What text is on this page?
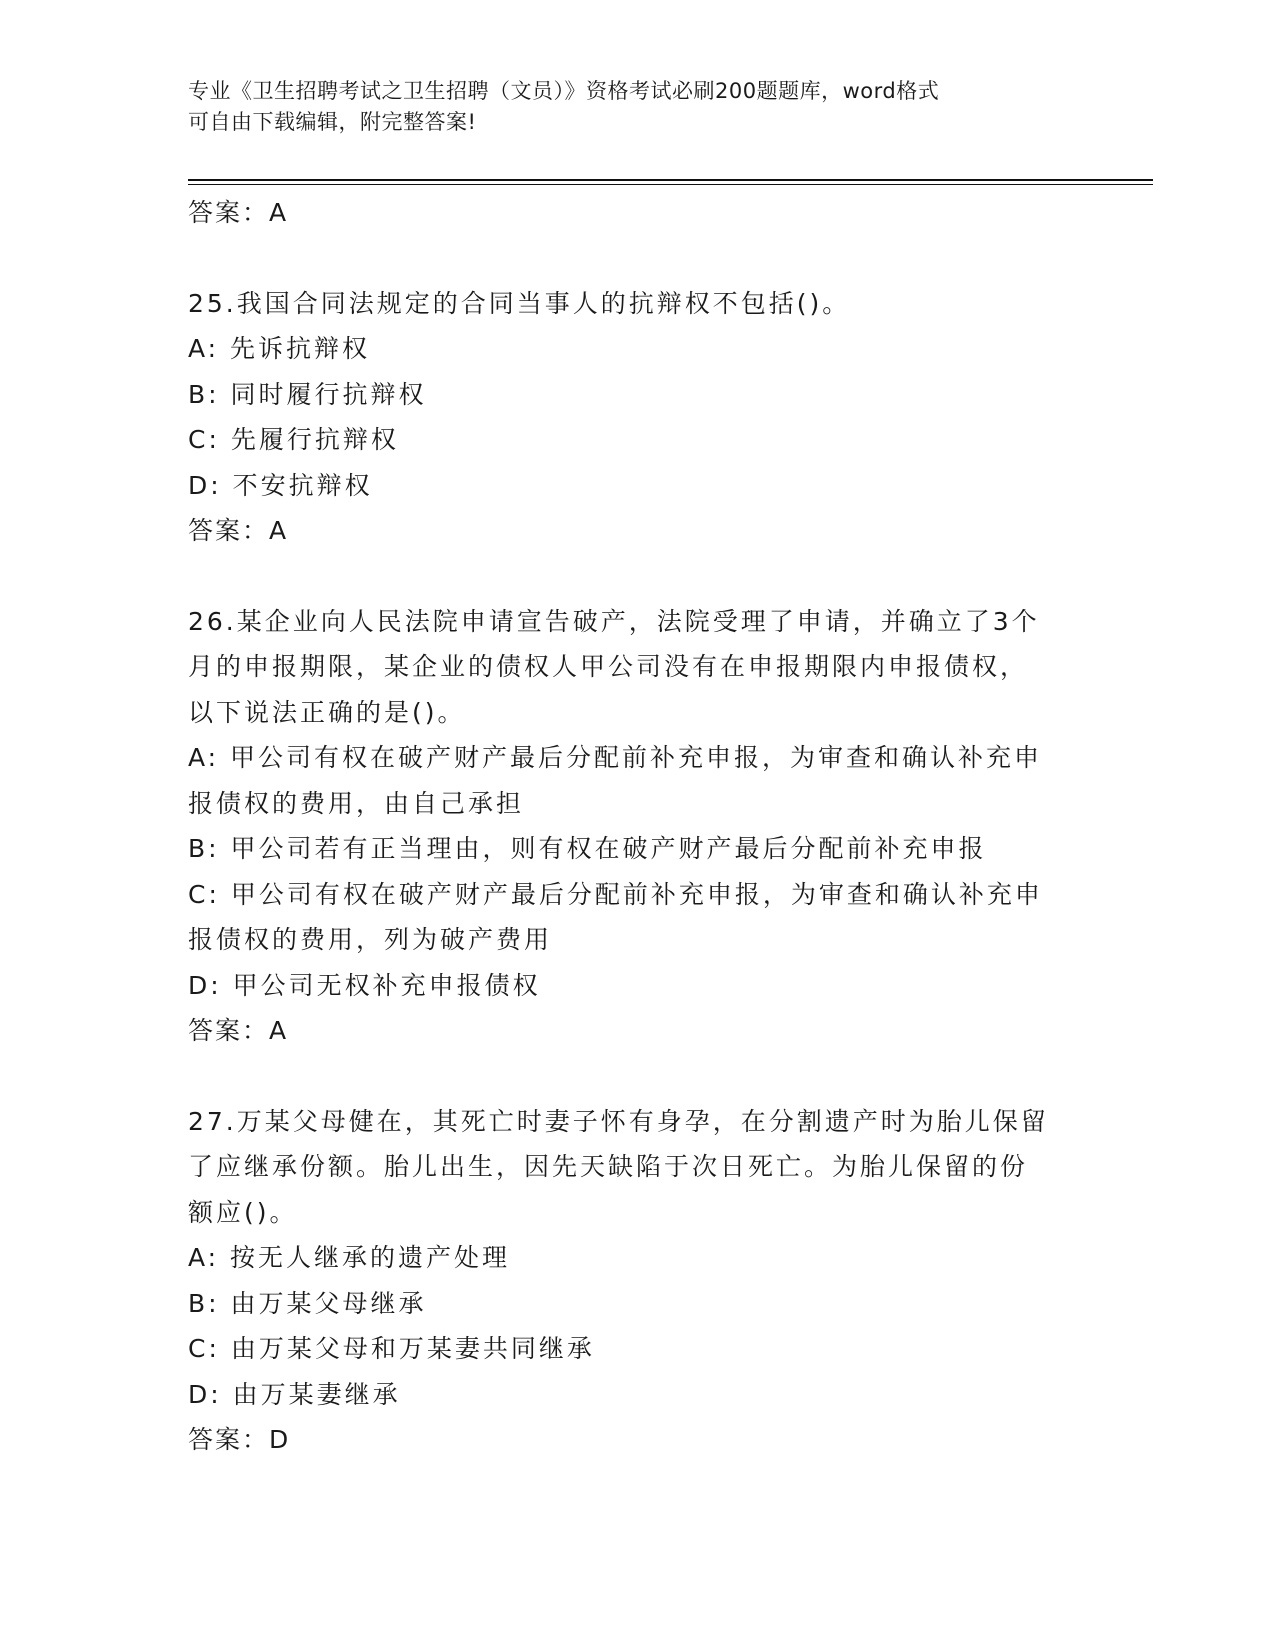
专业《卫生招聘考试之卫生招聘（文员）》资格考试必刷200题题库，word格式
可自由下载编辑，附完整答案!
答案：A
25.我国合同法规定的合同当事人的抗辩权不包括()。
A: 先诉抗辩权
B: 同时履行抗辩权
C: 先履行抗辩权
D: 不安抗辩权
答案：A
26.某企业向人民法院申请宣告破产，法院受理了申请，并确立了3个
月的申报期限，某企业的债权人甲公司没有在申报期限内申报债权，
以下说法正确的是()。
A: 甲公司有权在破产财产最后分配前补充申报，为审查和确认补充申
报债权的费用，由自己承担
B: 甲公司若有正当理由，则有权在破产财产最后分配前补充申报
C: 甲公司有权在破产财产最后分配前补充申报，为审查和确认补充申
报债权的费用，列为破产费用
D: 甲公司无权补充申报债权
答案：A
27.万某父母健在，其死亡时妻子怀有身孕，在分割遗产时为胎儿保留
了应继承份额。胎儿出生，因先天缺陷于次日死亡。为胎儿保留的份
额应()。
A: 按无人继承的遗产处理
B: 由万某父母继承
C: 由万某父母和万某妻共同继承
D: 由万某妻继承
答案：D
